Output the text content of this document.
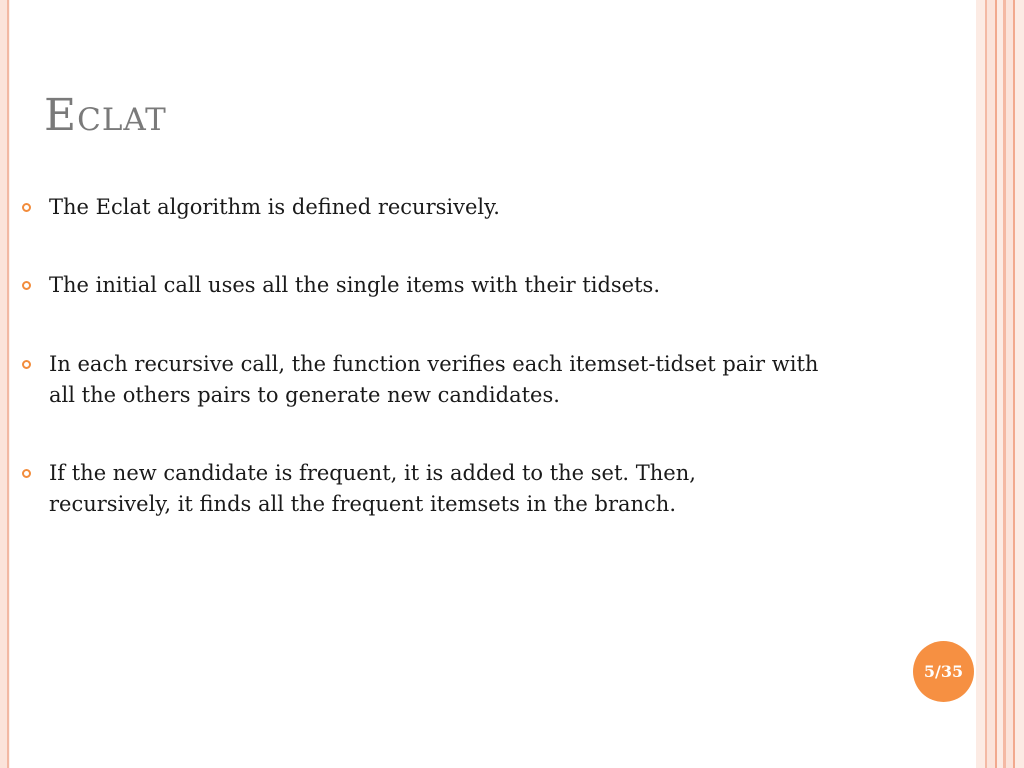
Eclat
The Eclat algorithm is defined recursively.
The initial call uses all the single items with their tidsets.
In each recursive call, the function verifies each itemset-tidset pair with all the others pairs to generate new candidates.
If the new candidate is frequent, it is added to the set. Then, recursively, it finds all the frequent itemsets in the branch.
5/35
